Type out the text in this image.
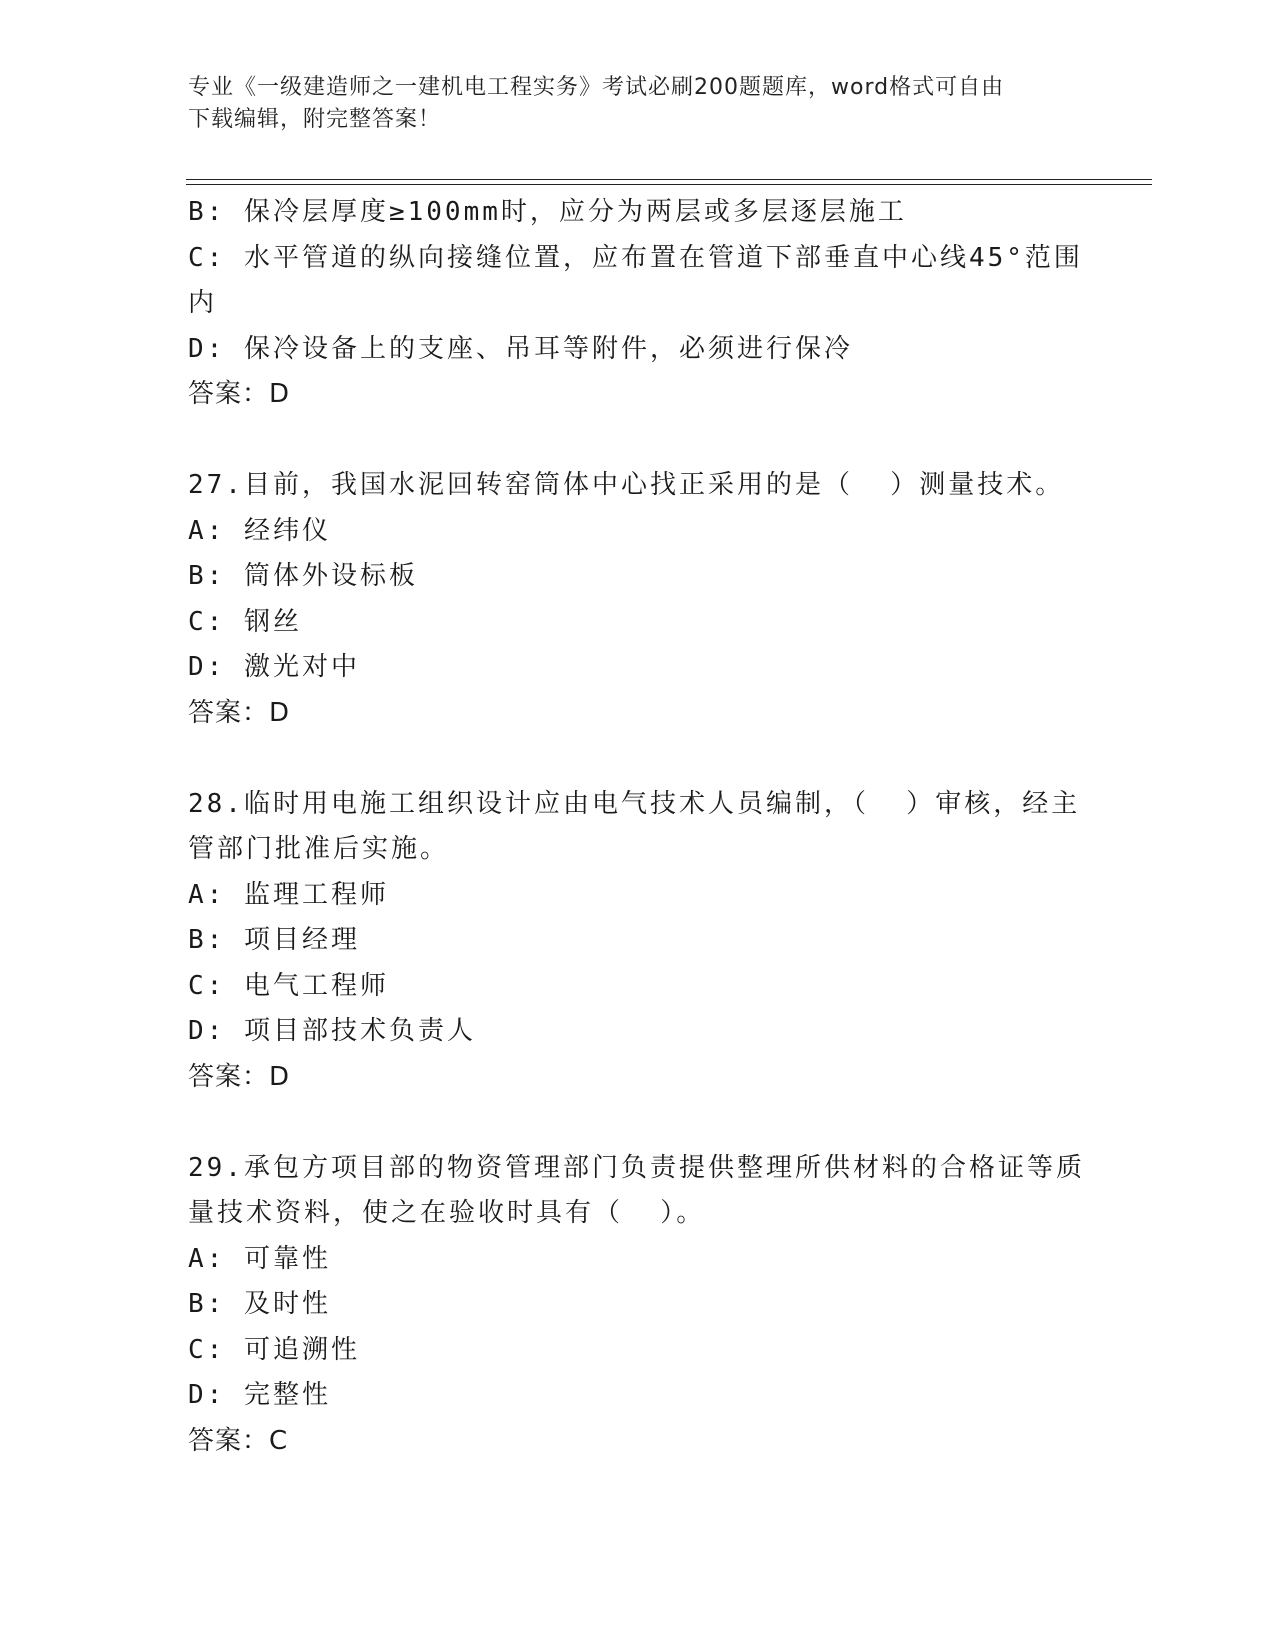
专业《一级建造师之一建机电工程实务》考试必刷200题题库，word格式可自由
下载编辑，附完整答案！

B: 保冷层厚度≥100mm时，应分为两层或多层逐层施工

C: 水平管道的纵向接缝位置，应布置在管道下部垂直中心线45°范围

内

D: 保冷设备上的支座、吊耳等附件，必须进行保冷

答案：D

27.目前，我国水泥回转窑筒体中心找正采用的是（  ）测量技术。

A: 经纬仪

B: 筒体外设标板

C: 钢丝

D: 激光对中

答案：D

28.临时用电施工组织设计应由电气技术人员编制，（  ）审核，经主

管部门批准后实施。

A: 监理工程师

B: 项目经理

C: 电气工程师

D: 项目部技术负责人

答案：D

29.承包方项目部的物资管理部门负责提供整理所供材料的合格证等质

量技术资料，使之在验收时具有（  ）。

A: 可靠性

B: 及时性

C: 可追溯性

D: 完整性

答案：C
